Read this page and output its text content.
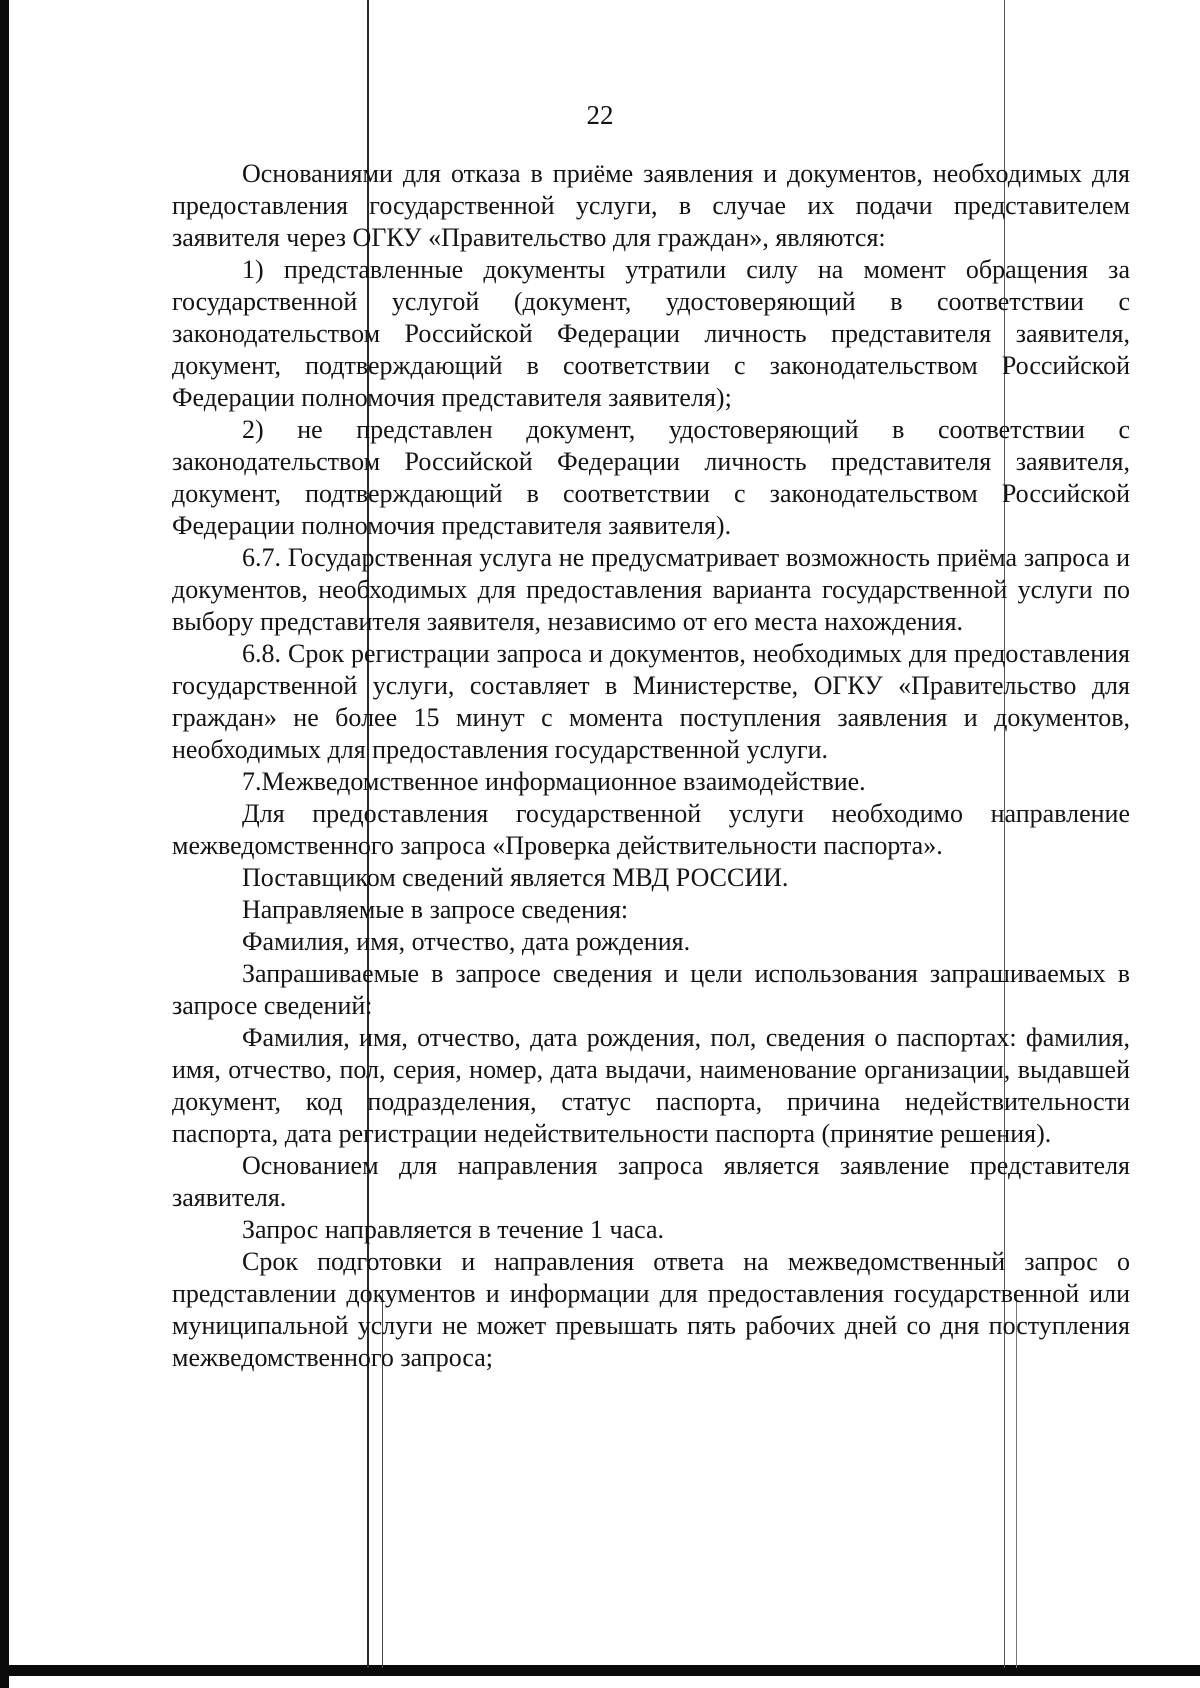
22

Основаниями для отказа в приёме заявления и документов, необходимых для предоставления государственной услуги, в случае их подачи представителем заявителя через ОГКУ «Правительство для граждан», являются:

1) представленные документы утратили силу на момент обращения за государственной услугой (документ, удостоверяющий в соответствии с законодательством Российской Федерации личность представителя заявителя, документ, подтверждающий в соответствии с законодательством Российской Федерации полномочия представителя заявителя);

2) не представлен документ, удостоверяющий в соответствии с законодательством Российской Федерации личность представителя заявителя, документ, подтверждающий в соответствии с законодательством Российской Федерации полномочия представителя заявителя).

6.7. Государственная услуга не предусматривает возможность приёма запроса и документов, необходимых для предоставления варианта государственной услуги по выбору представителя заявителя, независимо от его места нахождения.

6.8. Срок регистрации запроса и документов, необходимых для предоставления государственной услуги, составляет в Министерстве, ОГКУ «Правительство для граждан» не более 15 минут с момента поступления заявления и документов, необходимых для предоставления государственной услуги.

7.Межведомственное информационное взаимодействие.

Для предоставления государственной услуги необходимо направление межведомственного запроса «Проверка действительности паспорта».

Поставщиком сведений является МВД РОССИИ.

Направляемые в запросе сведения:

Фамилия, имя, отчество, дата рождения.

Запрашиваемые в запросе сведения и цели использования запрашиваемых в запросе сведений:

Фамилия, имя, отчество, дата рождения, пол, сведения о паспортах: фамилия, имя, отчество, пол, серия, номер, дата выдачи, наименование организации, выдавшей документ, код подразделения, статус паспорта, причина недействительности паспорта, дата регистрации недействительности паспорта (принятие решения).

Основанием для направления запроса является заявление представителя заявителя.

Запрос направляется в течение 1 часа.

Срок подготовки и направления ответа на межведомственный запрос о представлении документов и информации для предоставления государственной или муниципальной услуги не может превышать пять рабочих дней со дня поступления межведомственного запроса;
